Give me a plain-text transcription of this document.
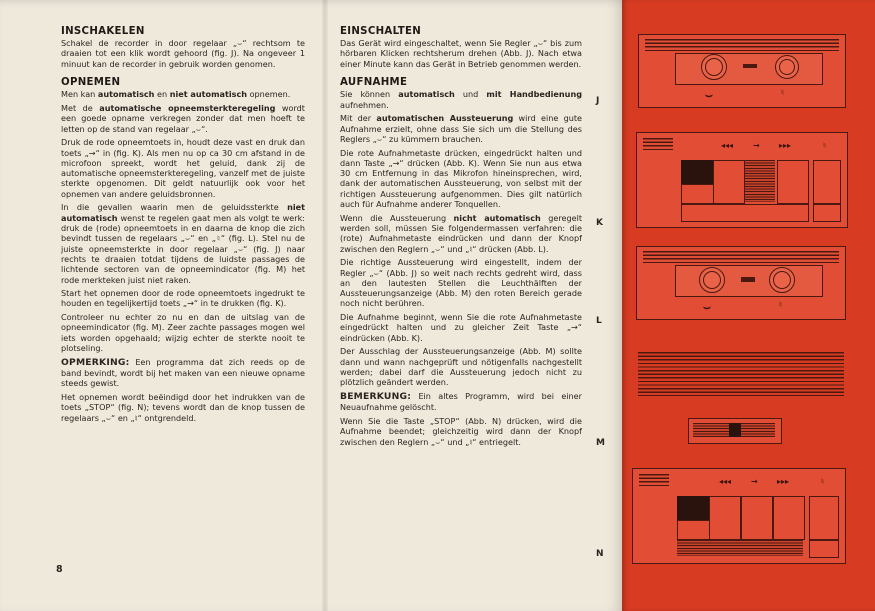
INSCHAKELEN

Schakel de recorder in door regelaar „⌣“ rechtsom te draaien tot een klik wordt gehoord (fig. J). Na ongeveer 1 minuut kan de recorder in gebruik worden genomen.

OPNEMEN

Men kan automatisch en niet automatisch opnemen.

Met de automatische opneemsterkteregeling wordt een goede opname verkregen zonder dat men hoeft te letten op de stand van regelaar „⌣“.

Druk de rode opneemtoets in, houdt deze vast en druk dan toets „→“ in (fig. K). Als men nu op ca 30 cm afstand in de microfoon spreekt, wordt het geluid, dank zij de automatische opneemsterkteregeling, vanzelf met de juiste sterkte opgenomen. Dit geldt natuurlijk ook voor het opnemen van andere geluidsbronnen.

In die gevallen waarin men de geluidssterkte niet automatisch wenst te regelen gaat men als volgt te werk: druk de (rode) opneemtoets in en daarna de knop die zich bevindt tussen de regelaars „⌣“ en „♮“ (fig. L). Stel nu de juiste opneemsterkte in door regelaar „⌣“ (fig. J) naar rechts te draaien totdat tijdens de luidste passages de lichtende sectoren van de opneemindicator (fig. M) het rode merkteken juist niet raken.

Start het opnemen door de rode opneemtoets ingedrukt te houden en tegelijkertijd toets „→“ in te drukken (fig. K).

Controleer nu echter zo nu en dan de uitslag van de opneemindicator (fig. M). Zeer zachte passages mogen wel iets worden opgehaald; wijzig echter de sterkte nooit te plotseling.

OPMERKING: Een programma dat zich reeds op de band bevindt, wordt bij het maken van een nieuwe opname steeds gewist.

Het opnemen wordt beëindigd door het indrukken van de toets „STOP“ (fig. N); tevens wordt dan de knop tussen de regelaars „⌣“ en „♮“ ontgrendeld.

EINSCHALTEN

Das Gerät wird eingeschaltet, wenn Sie Regler „⌣“ bis zum hörbaren Klicken rechtsherum drehen (Abb. J). Nach etwa einer Minute kann das Gerät in Betrieb genommen werden.

AUFNAHME

Sie können automatisch und mit Handbedienung aufnehmen.

Mit der automatischen Aussteuerung wird eine gute Aufnahme erzielt, ohne dass Sie sich um die Stellung des Reglers „⌣“ zu kümmern brauchen.

Die rote Aufnahmetaste drücken, eingedrückt halten und dann Taste „→“ drücken (Abb. K). Wenn Sie nun aus etwa 30 cm Entfernung in das Mikrofon hineinsprechen, wird, dank der automatischen Aussteuerung, von selbst mit der richtigen Aussteuerung aufgenommen. Dies gilt natürlich auch für Aufnahme anderer Tonquellen.

Wenn die Aussteuerung nicht automatisch geregelt werden soll, müssen Sie folgendermassen verfahren: die (rote) Aufnahmetaste eindrücken und dann der Knopf zwischen den Reglern „⌣“ und „♮“ drücken (Abb. L).

Die richtige Aussteuerung wird eingestellt, indem der Regler „⌣“ (Abb. J) so weit nach rechts gedreht wird, dass an den lautesten Stellen die Leuchthälften der Aussteuerungsanzeige (Abb. M) den roten Bereich gerade noch nicht berühren.

Die Aufnahme beginnt, wenn Sie die rote Aufnahmetaste eingedrückt halten und zu gleicher Zeit Taste „→“ eindrücken (Abb. K).

Der Ausschlag der Aussteuerungsanzeige (Abb. M) sollte dann und wann nachgeprüft und nötigenfalls nachgestellt werden; dabei darf die Aussteuerung jedoch nicht zu plötzlich geändert werden.

BEMERKUNG: Ein altes Programm, wird bei einer Neuaufnahme gelöscht.

Wenn Sie die Taste „STOP“ (Abb. N) drücken, wird die Aufnahme beendet; gleichzeitig wird dann der Knopf zwischen den Reglern „⌣“ und „♮“ entriegelt.

8
J
K
L
M
N
⌣	♮
◂◂◂ → ▸▸▸	♮
⌣	♮
◂◂◂ → ▸▸▸	♮
